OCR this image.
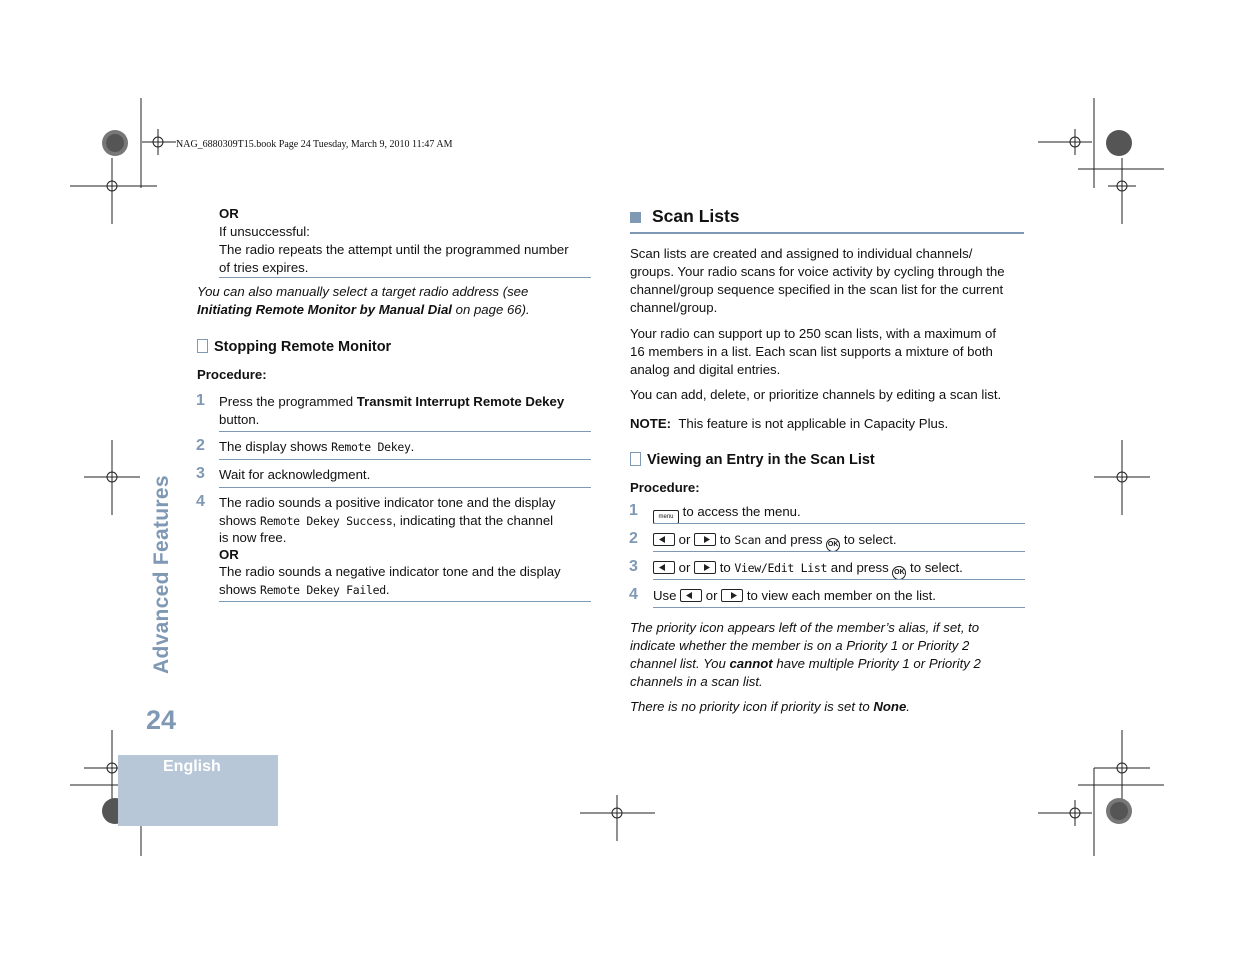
NAG_6880309T15.book Page 24 Tuesday, March 9, 2010 11:47 AM
Advanced Features
24
English
OR
If unsuccessful:
The radio repeats the attempt until the programmed number
of tries expires.
You can also manually select a target radio address (see
Initiating Remote Monitor by Manual Dial on page 66).
Stopping Remote Monitor
Procedure:
1 Press the programmed Transmit Interrupt Remote Dekey
button.
2 The display shows Remote Dekey.
3 Wait for acknowledgment.
4 The radio sounds a positive indicator tone and the display
shows Remote Dekey Success, indicating that the channel
is now free.
OR
The radio sounds a negative indicator tone and the display
shows Remote Dekey Failed.
Scan Lists
Scan lists are created and assigned to individual channels/
groups. Your radio scans for voice activity by cycling through the
channel/group sequence specified in the scan list for the current
channel/group.
Your radio can support up to 250 scan lists, with a maximum of
16 members in a list. Each scan list supports a mixture of both
analog and digital entries.
You can add, delete, or prioritize channels by editing a scan list.
NOTE: This feature is not applicable in Capacity Plus.
Viewing an Entry in the Scan List
Procedure:
1	menu to access the menu.
2	or
to Scan and press OK to select.
3	or
to View/Edit List and press OK to select.
4 Use
or
to view each member on the list.
The priority icon appears left of the member’s alias, if set, to
indicate whether the member is on a Priority 1 or Priority 2
channel list. You cannot have multiple Priority 1 or Priority 2
channels in a scan list.
There is no priority icon if priority is set to None.
